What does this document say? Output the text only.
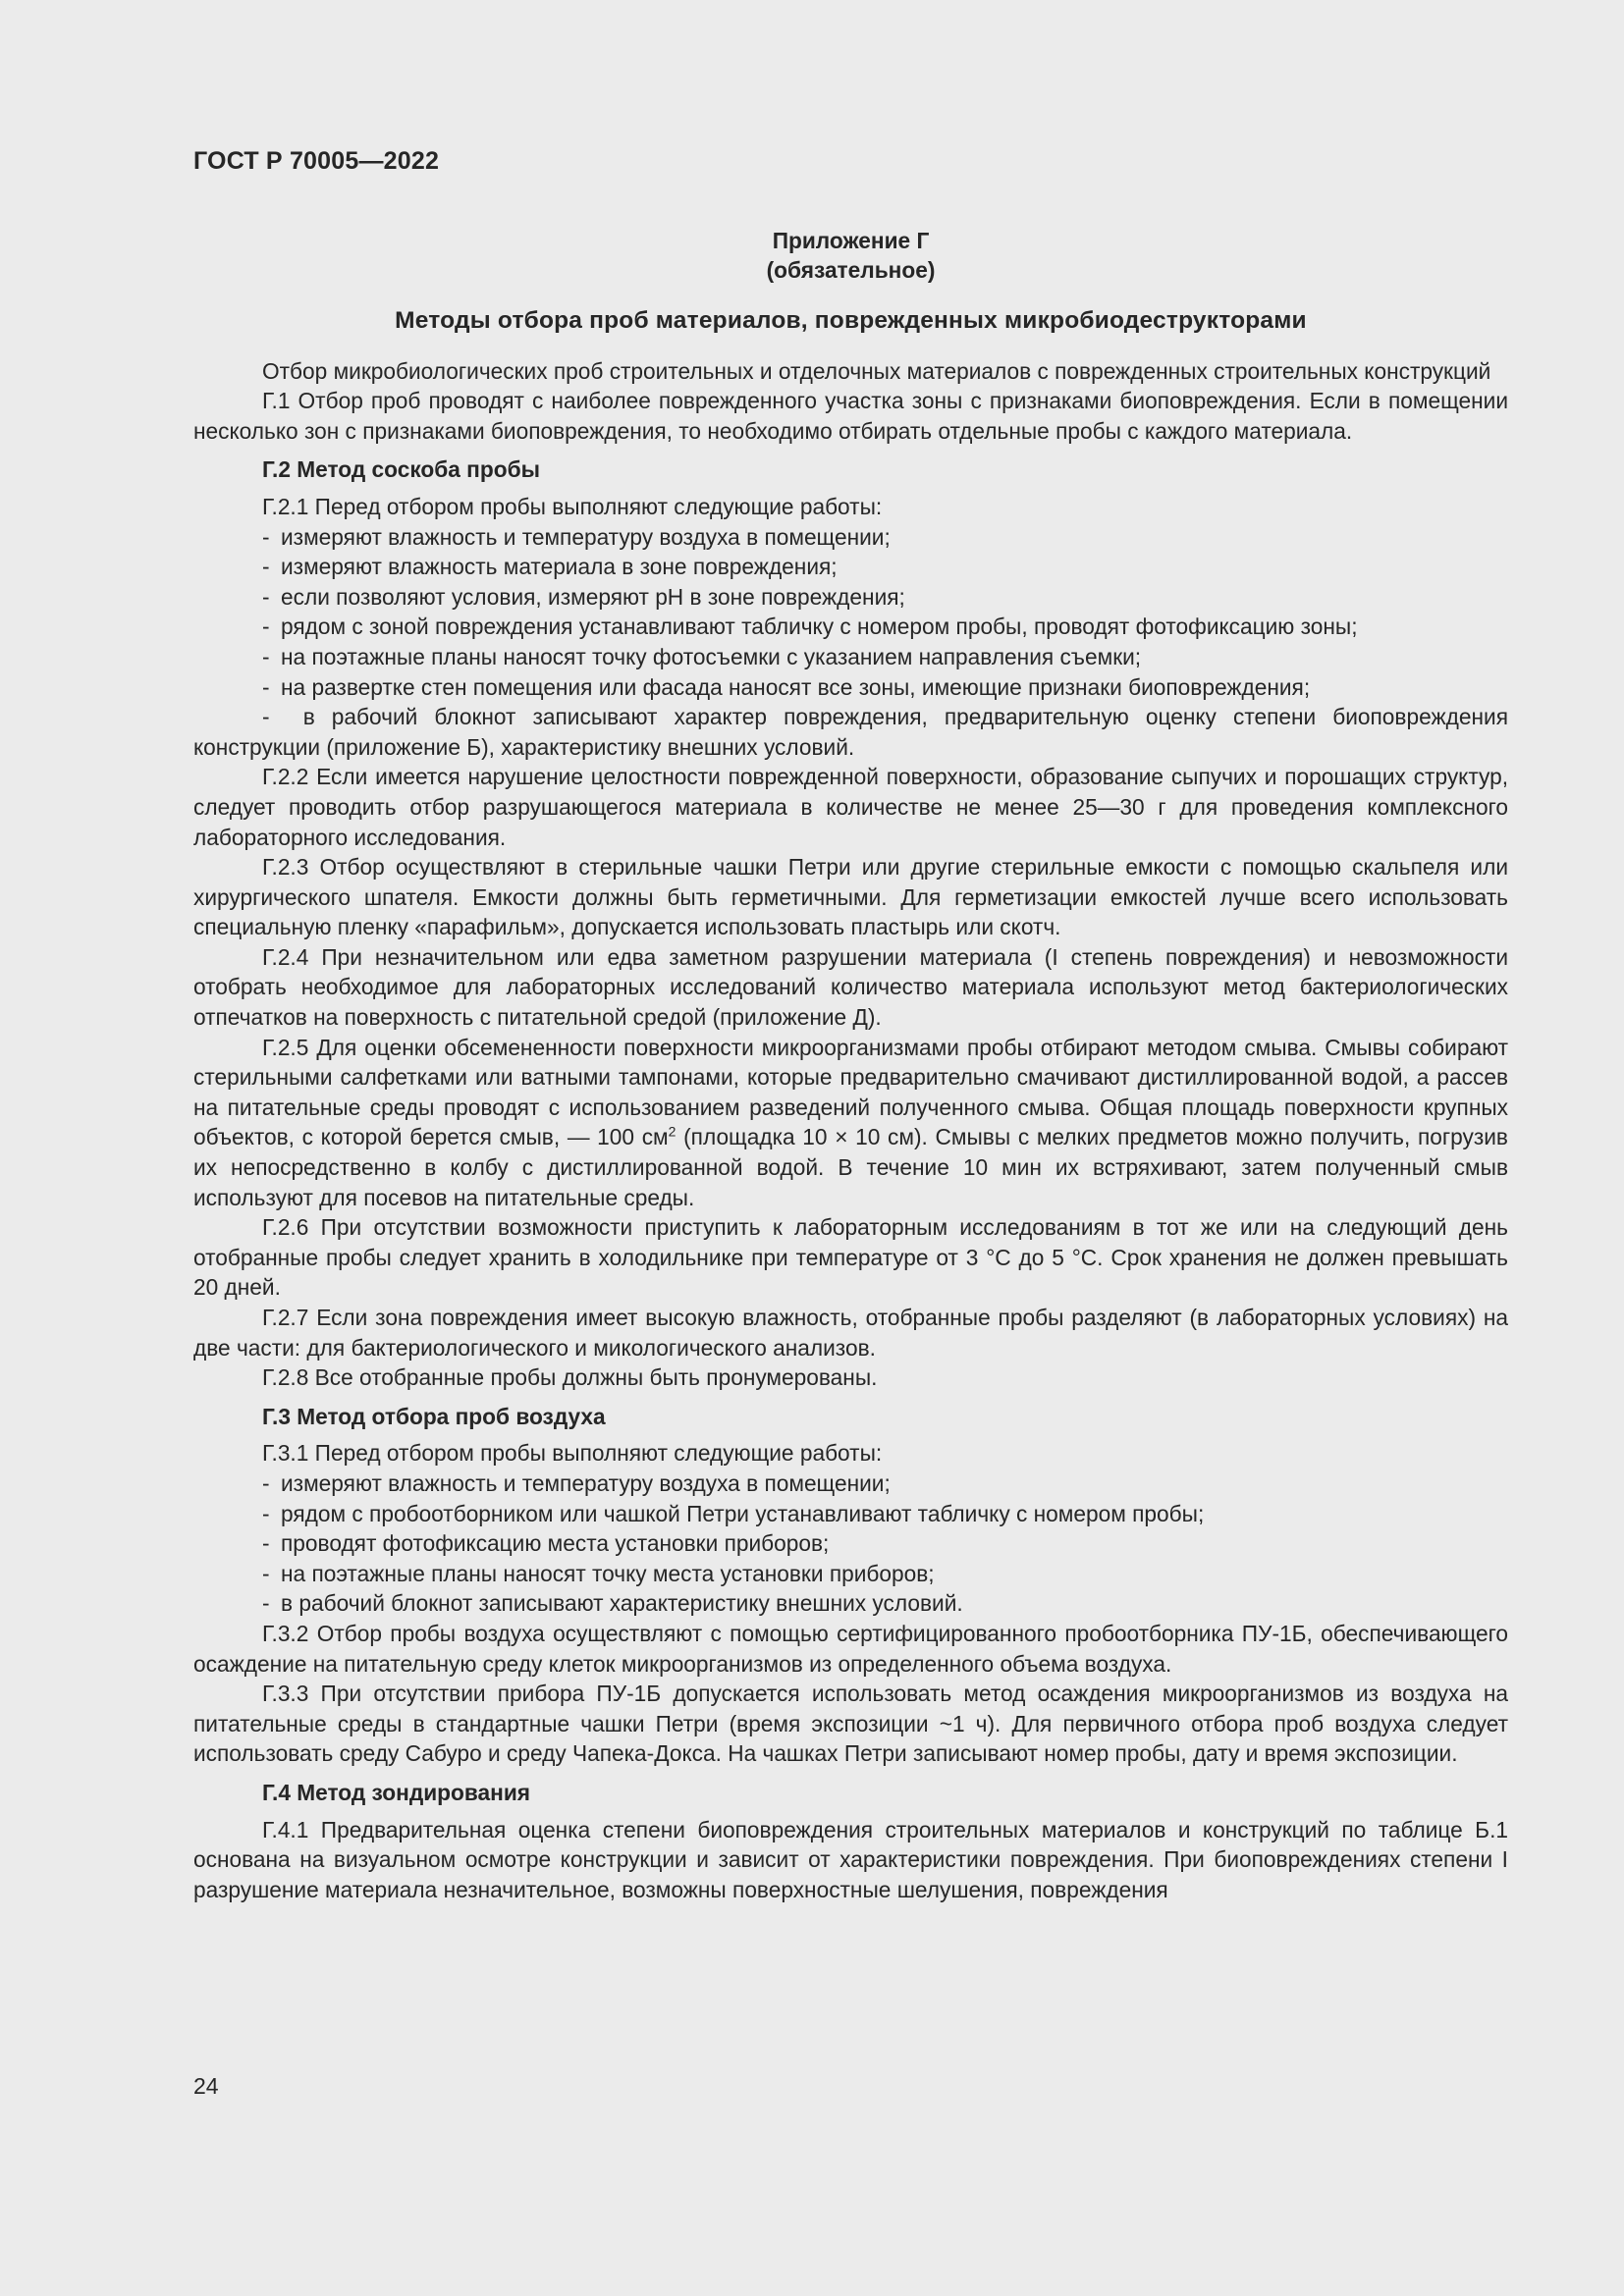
ГОСТ Р 70005—2022
Приложение Г
(обязательное)
Методы отбора проб материалов, поврежденных микробиодеструкторами

Отбор микробиологических проб строительных и отделочных материалов с поврежденных строительных конструкций

Г.1 Отбор проб проводят с наиболее поврежденного участка зоны с признаками биоповреждения. Если в помещении несколько зон с признаками биоповреждения, то необходимо отбирать отдельные пробы с каждого материала.

Г.2 Метод соскоба пробы

Г.2.1 Перед отбором пробы выполняют следующие работы:

- измеряют влажность и температуру воздуха в помещении;
- измеряют влажность материала в зоне повреждения;
- если позволяют условия, измеряют pH в зоне повреждения;
- рядом с зоной повреждения устанавливают табличку с номером пробы, проводят фотофиксацию зоны;
- на поэтажные планы наносят точку фотосъемки с указанием направления съемки;
- на развертке стен помещения или фасада наносят все зоны, имеющие признаки биоповреждения;

-  в рабочий блокнот записывают характер повреждения, предварительную оценку степени биоповреждения конструкции (приложение Б), характеристику внешних условий.

Г.2.2 Если имеется нарушение целостности поврежденной поверхности, образование сыпучих и порошащих структур, следует проводить отбор разрушающегося материала в количестве не менее 25—30 г для проведения комплексного лабораторного исследования.

Г.2.3 Отбор осуществляют в стерильные чашки Петри или другие стерильные емкости с помощью скальпеля или хирургического шпателя. Емкости должны быть герметичными. Для герметизации емкостей лучше всего использовать специальную пленку «парафильм», допускается использовать пластырь или скотч.

Г.2.4 При незначительном или едва заметном разрушении материала (I степень повреждения) и невозможности отобрать необходимое для лабораторных исследований количество материала используют метод бактериологических отпечатков на поверхность с питательной средой (приложение Д).

Г.2.5 Для оценки обсемененности поверхности микроорганизмами пробы отбирают методом смыва. Смывы собирают стерильными салфетками или ватными тампонами, которые предварительно смачивают дистиллированной водой, а рассев на питательные среды проводят с использованием разведений полученного смыва. Общая площадь поверхности крупных объектов, с которой берется смыв, — 100 $см^2$ (площадка 10 × 10 см). Смывы с мелких предметов можно получить, погрузив их непосредственно в колбу с дистиллированной водой. В течение 10 мин их встряхивают, затем полученный смыв используют для посевов на питательные среды.

Г.2.6 При отсутствии возможности приступить к лабораторным исследованиям в тот же или на следующий день отобранные пробы следует хранить в холодильнике при температуре от 3 °С до 5 °С. Срок хранения не должен превышать 20 дней.

Г.2.7 Если зона повреждения имеет высокую влажность, отобранные пробы разделяют (в лабораторных условиях) на две части: для бактериологического и микологического анализов.

Г.2.8 Все отобранные пробы должны быть пронумерованы.

Г.3 Метод отбора проб воздуха

Г.3.1 Перед отбором пробы выполняют следующие работы:

- измеряют влажность и температуру воздуха в помещении;
- рядом с пробоотборником или чашкой Петри устанавливают табличку с номером пробы;
- проводят фотофиксацию места установки приборов;
- на поэтажные планы наносят точку места установки приборов;
- в рабочий блокнот записывают характеристику внешних условий.

Г.3.2 Отбор пробы воздуха осуществляют с помощью сертифицированного пробоотборника ПУ-1Б, обеспечивающего осаждение на питательную среду клеток микроорганизмов из определенного объема воздуха.

Г.3.3 При отсутствии прибора ПУ-1Б допускается использовать метод осаждения микроорганизмов из воздуха на питательные среды в стандартные чашки Петри (время экспозиции ~1 ч). Для первичного отбора проб воздуха следует использовать среду Сабуро и среду Чапека-Докса. На чашках Петри записывают номер пробы, дату и время экспозиции.

Г.4 Метод зондирования

Г.4.1 Предварительная оценка степени биоповреждения строительных материалов и конструкций по таблице Б.1 основана на визуальном осмотре конструкции и зависит от характеристики повреждения. При биоповреждениях степени I разрушение материала незначительное, возможны поверхностные шелушения, повреждения

24
